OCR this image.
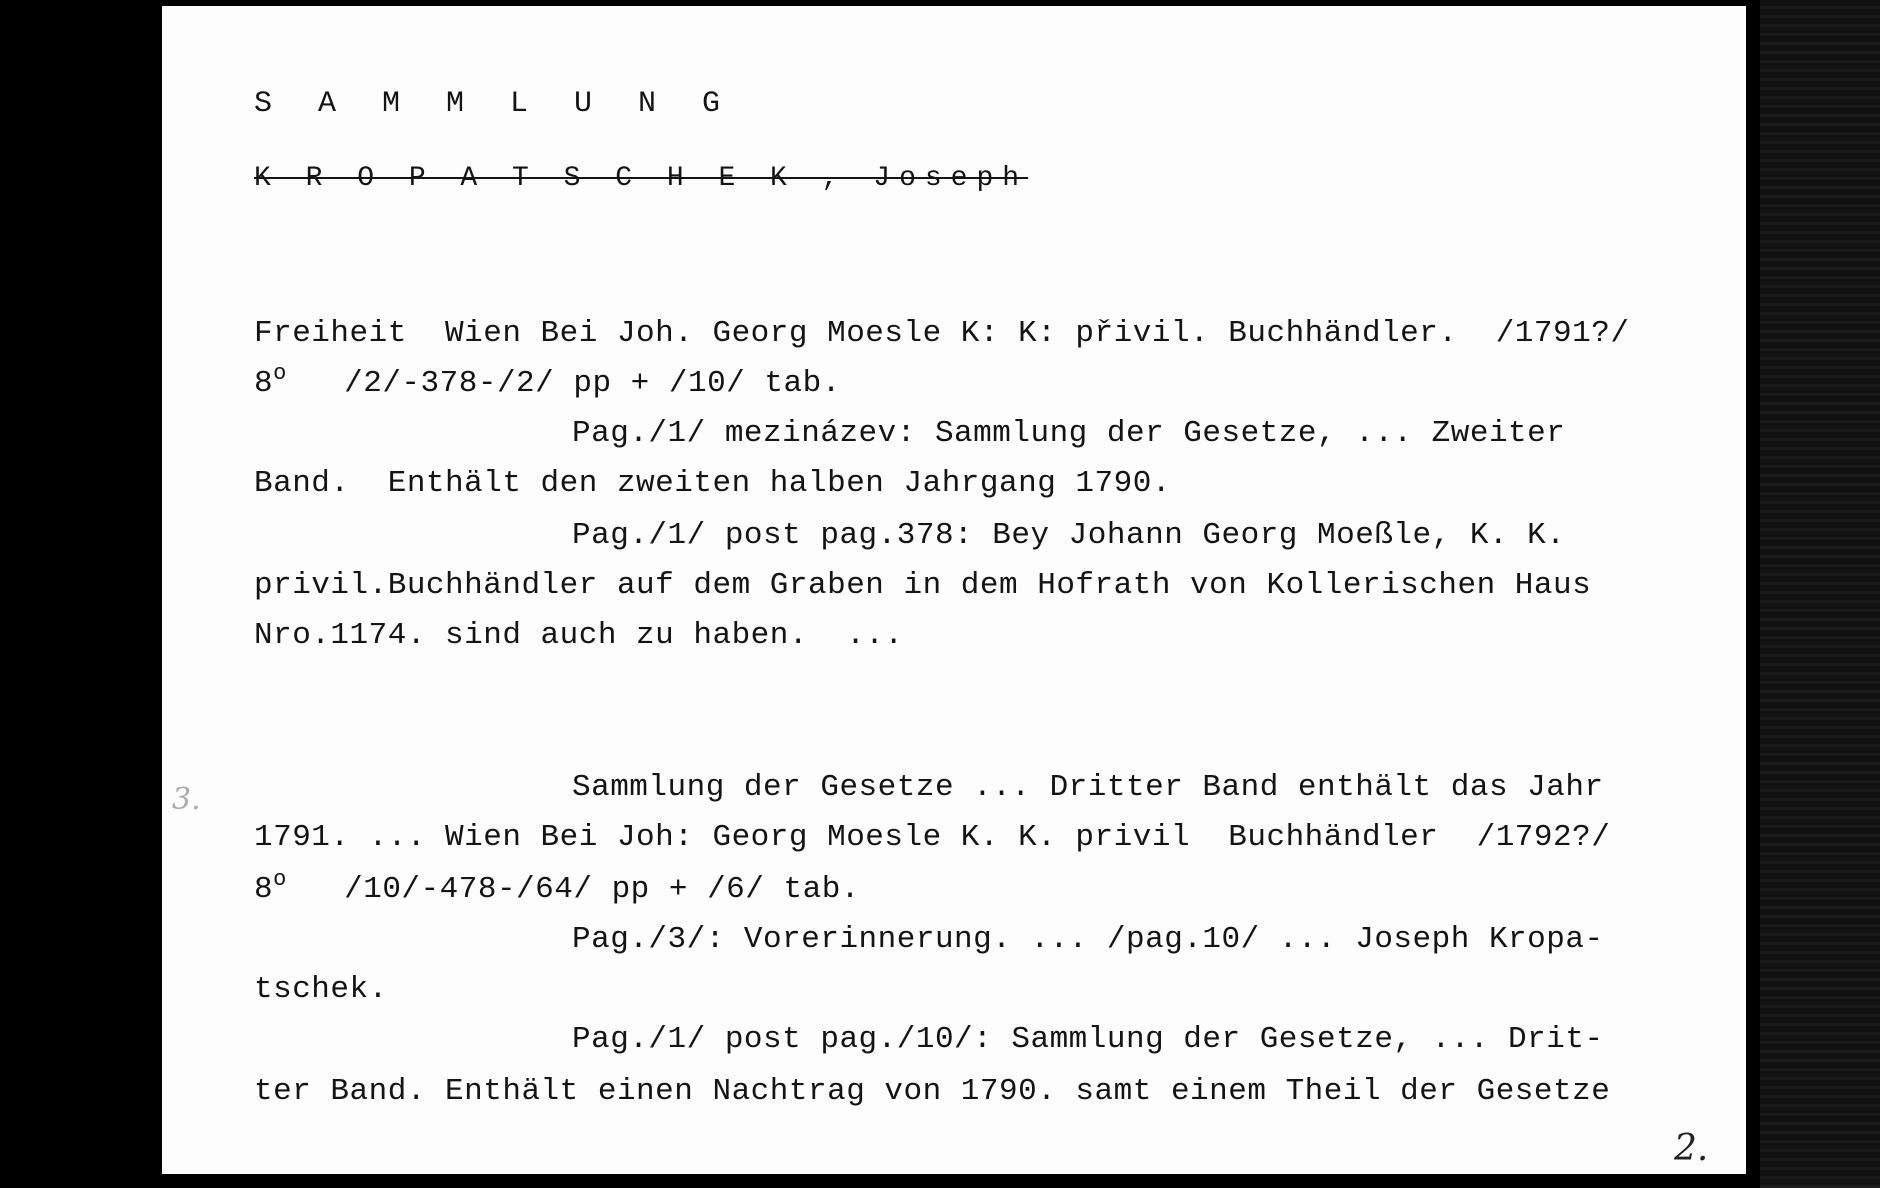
S A M M L U N G
K R O P A T S C H E K , Joseph
Freiheit  Wien Bei Joh. Georg Moesle K: K: přivil. Buchhändler.  /1791?/
8$^o$   /2/-378-/2/ pp + /10/ tab.
Pag./1/ mezinázev: Sammlung der Gesetze, ... Zweiter
Band.  Enthält den zweiten halben Jahrgang 1790.
Pag./1/ post pag.378: Bey Johann Georg Moeßle, K. K.
privil.Buchhändler auf dem Graben in dem Hofrath von Kollerischen Haus
Nro.1174. sind auch zu haben.  ...
3.	Sammlung der Gesetze ... Dritter Band enthält das Jahr
1791. ... Wien Bei Joh: Georg Moesle K. K. privil  Buchhändler  /1792?/
8$^o$   /10/-478-/64/ pp + /6/ tab.
Pag./3/: Vorerinnerung. ... /pag.10/ ... Joseph Kropa-
tschek.
Pag./1/ post pag./10/: Sammlung der Gesetze, ... Drit-
ter Band. Enthält einen Nachtrag von 1790. samt einem Theil der Gesetze
2.
